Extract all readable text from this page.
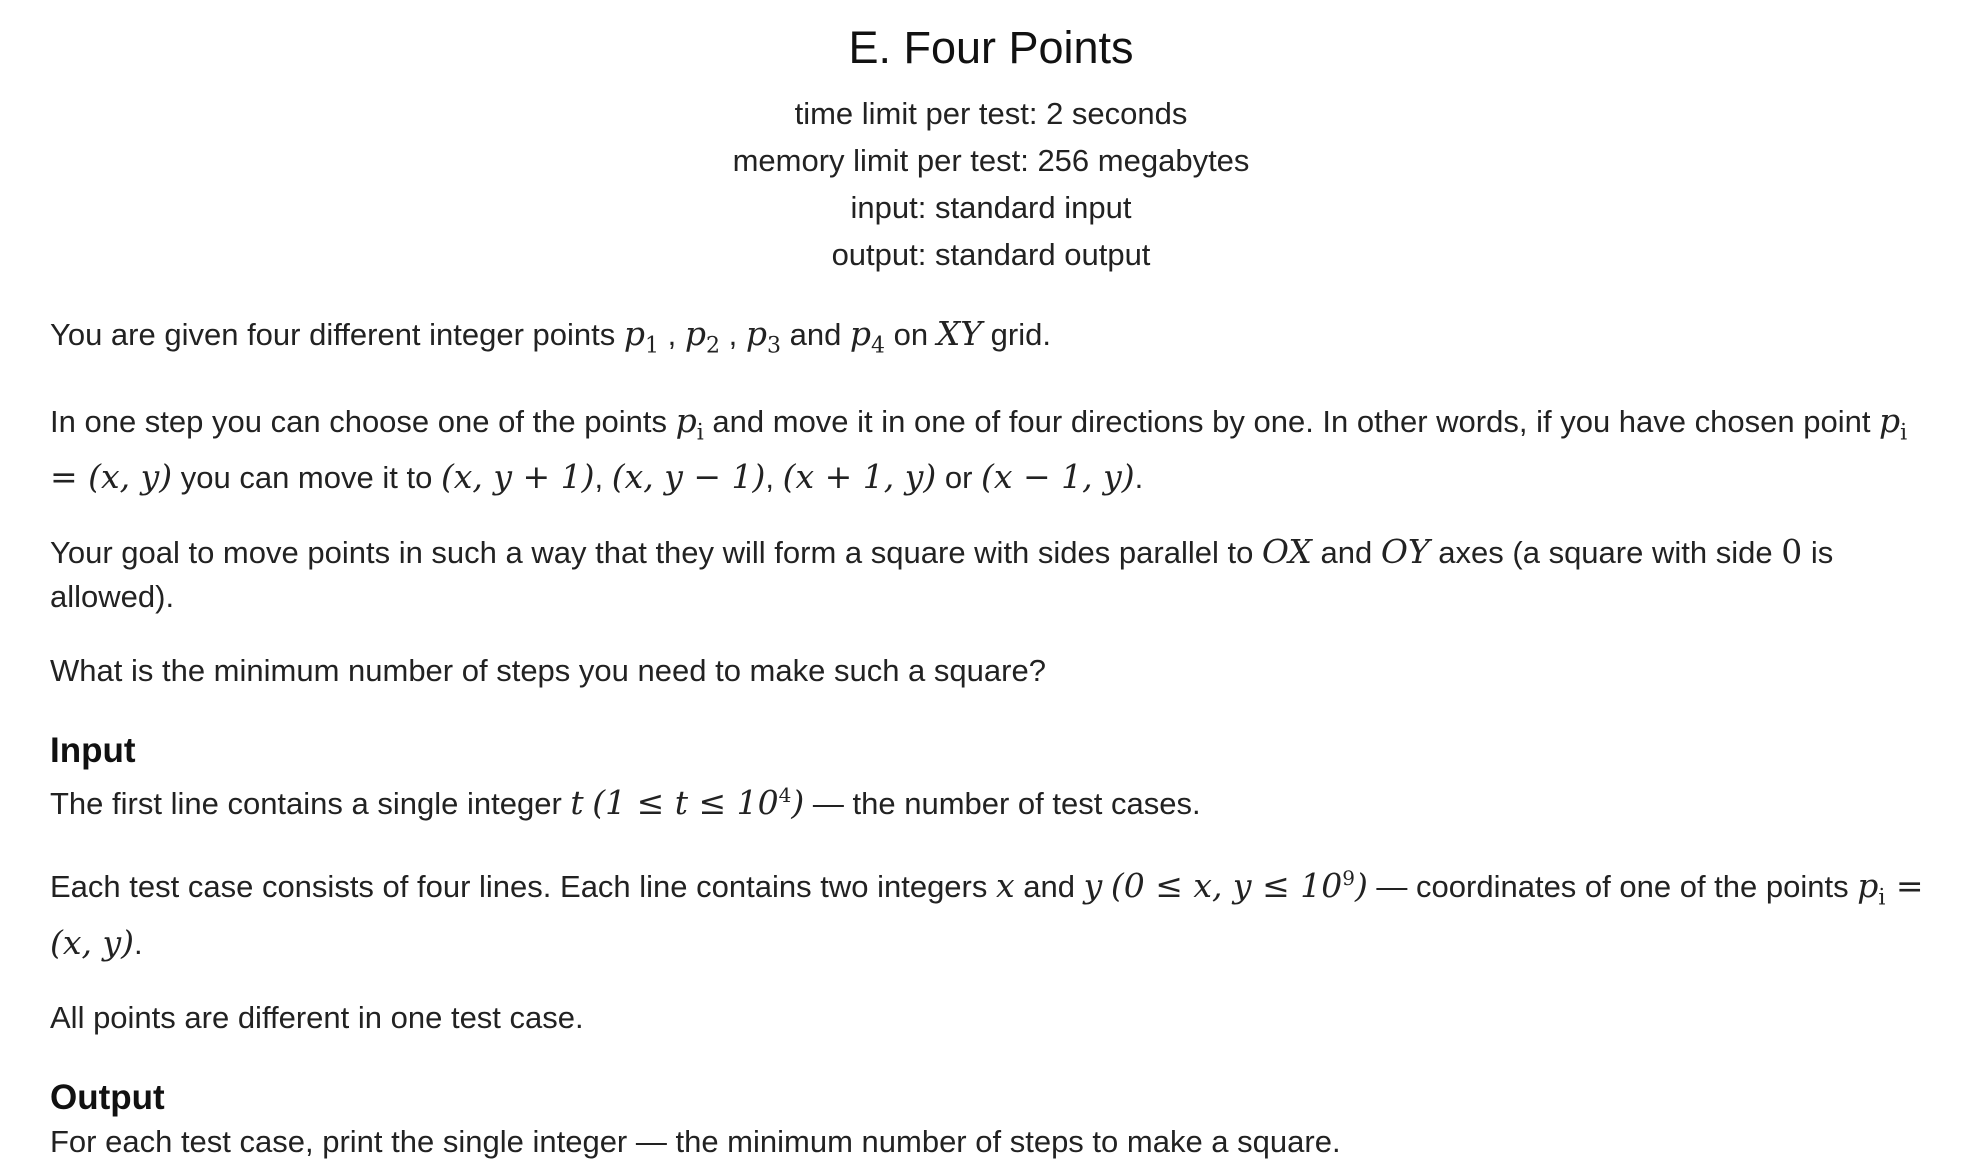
E. Four Points
time limit per test: 2 seconds
memory limit per test: 256 megabytes
input: standard input
output: standard output

You are given four different integer points $p_1$ , $p_2$ , $p_3$ and $p_4$ on XY grid.

In one step you can choose one of the points $p_i$ and move it in one of four directions by one. In other words, if you have chosen point $p_i = (x$, y) you can move it to (x, y + 1), (x, y − 1), (x + 1, y) or (x − 1, y).

Your goal to move points in such a way that they will form a square with sides parallel to OX and OY axes (a square with side 0 is allowed).

What is the minimum number of steps you need to make such a square?

Input

The first line contains a single integer t $(1 \le t \le 10^4)$ — the number of test cases.

Each test case consists of four lines. Each line contains two integers x and y (0 ≤ x, $y \le 10^9$) — coordinates of one of the points $p_i = (x$, y).

All points are different in one test case.

Output

For each test case, print the single integer — the minimum number of steps to make a square.
